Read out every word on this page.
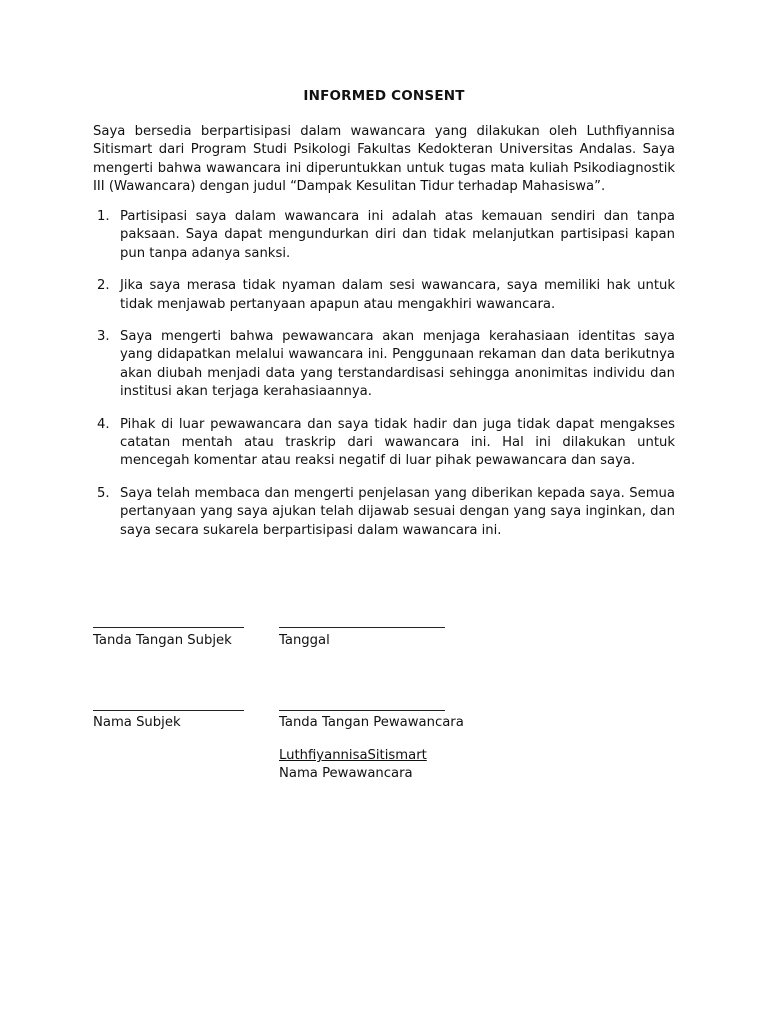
INFORMED CONSENT

Saya bersedia berpartisipasi dalam wawancara yang dilakukan oleh Luthfiyannisa Sitismart dari Program Studi Psikologi Fakultas Kedokteran Universitas Andalas. Saya mengerti bahwa wawancara ini diperuntukkan untuk tugas mata kuliah Psikodiagnostik III (Wawancara) dengan judul “Dampak Kesulitan Tidur terhadap Mahasiswa”.

1. Partisipasi saya dalam wawancara ini adalah atas kemauan sendiri dan tanpa paksaan. Saya dapat mengundurkan diri dan tidak melanjutkan partisipasi kapan pun tanpa adanya sanksi.
2. Jika saya merasa tidak nyaman dalam sesi wawancara, saya memiliki hak untuk tidak menjawab pertanyaan apapun atau mengakhiri wawancara.
3. Saya mengerti bahwa pewawancara akan menjaga kerahasiaan identitas saya yang didapatkan melalui wawancara ini. Penggunaan rekaman dan data berikutnya akan diubah menjadi data yang terstandardisasi sehingga anonimitas individu dan institusi akan terjaga kerahasiaannya.
4. Pihak di luar pewawancara dan saya tidak hadir dan juga tidak dapat mengakses catatan mentah atau traskrip dari wawancara ini. Hal ini dilakukan untuk mencegah komentar atau reaksi negatif di luar pihak pewawancara dan saya.
5. Saya telah membaca dan mengerti penjelasan yang diberikan kepada saya. Semua pertanyaan yang saya ajukan telah dijawab sesuai dengan yang saya inginkan, dan saya secara sukarela berpartisipasi dalam wawancara ini.
Tanda Tangan Subjek	Tanggal
Nama Subjek	Tanda Tangan Pewawancara
LuthfiyannisaSitismart
Nama Pewawancara
